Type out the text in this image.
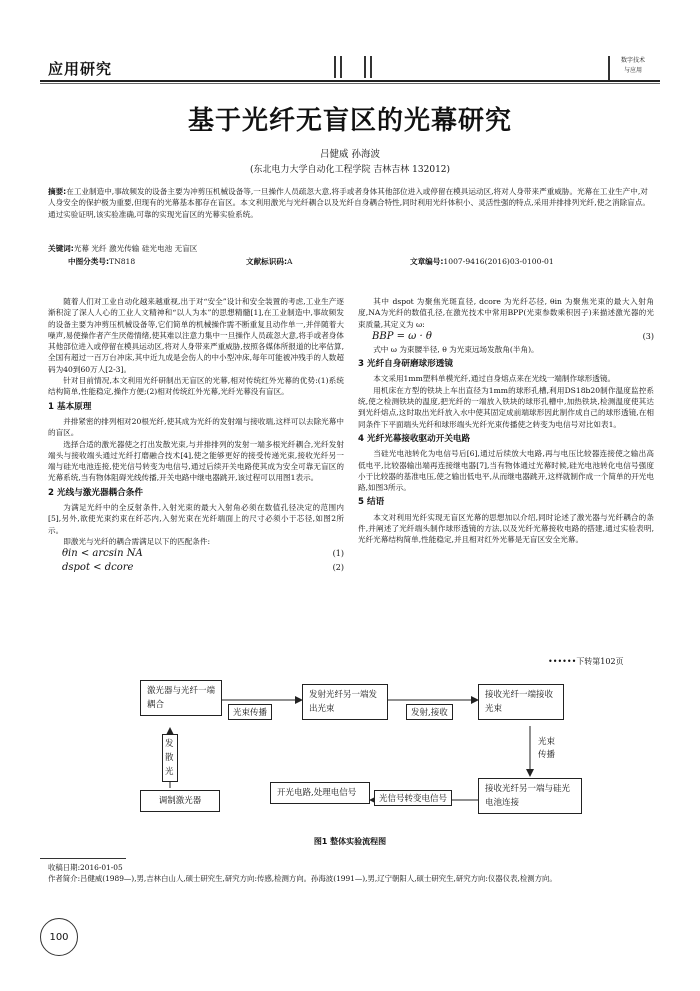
应用研究	数字技术
与应用
基于光纤无盲区的光幕研究
吕健威 孙海波
(东北电力大学自动化工程学院 吉林吉林 132012)
摘要:在工业制造中,事故频发的设备主要为冲剪压机械设备等,一旦操作人员疏忽大意,将手或者身体其他部位进入或停留在模具运动区,将对人身带来严重威胁。光幕在工业生产中,对人身安全的保护极为重要,但现有的光幕基本都存在盲区。本文利用激光与光纤耦合以及光纤自身耦合特性,同时利用光纤体积小、灵活性强的特点,采用并排排列光纤,使之消除盲点。通过实验证明,该实验准确,可靠的实现光盲区的光幕实验系统。
关键词:光幕 光纤 激光传输 硅光电池 无盲区
中图分类号:TN818	文献标识码:A	文章编号:1007-9416(2016)03-0100-01

随着人们对工业自动化越来越重视,出于对“安全”设计和安全装置的考虑,工业生产逐渐积淀了深人人心的工业人文精神和“以人为本”的思想精髓[1],在工业制造中,事故频发的设备主要为冲剪压机械设备等,它们简单的机械操作需不断重复且动作单一,并伴随着大噪声,易使操作者产生厌倦情绪,使其难以注意力集中一旦操作人员疏忽大意,将手或者身体其他部位进入或停留在模具运动区,将对人身带来严重威胁,按照各媒体所报道的比率估算,全国有超过一百万台冲床,其中近九成是会伤人的中小型冲床,每年可能被冲残手的人数超码为40到60万人[2-3]。

针对目前情况,本文利用光纤研制出无盲区的光幕,相对传统红外光幕的优势:(1)系统结构简单,性能稳定,操作方便;(2)相对传统红外光幕,光纤光幕没有盲区。

1 基本原理

并排紧密的排列相对20根光纤,使其成为光纤的发射端与接收端,这样可以去除光幕中的盲区。

选择合适的激光器使之打出发散光束,与并排排列的发射一端多根光纤耦合,光纤发射端头与接收端头通过光纤打磨融合技术[4],使之能够更好的接受传递光束,接收光纤另一端与硅光电池连接,使光信号转变为电信号,通过后续开关电路使其成为安全可靠无盲区的光幕系统,当有物体阻碍光线传播,开关电路中继电器跳开,该过程可以用图1表示。

2 光线与激光器耦合条件

为满足光纤中的全反射条件,入射光束的最大入射角必须在数值孔径决定的范围内[5],另外,欲使光束约束在纤芯内,入射光束在光纤端面上的尺寸必须小于芯径,如图2所示。

即激光与光纤的耦合需满足以下的匹配条件:

θin < arcsin NA	(1)
dspot < dcore	(2)

其中 dspot 为聚焦光斑直径, dcore 为光纤芯径, θin 为聚焦光束的最大入射角度,NA为光纤的数值孔径,在激光技术中常用BPP(光束参数乘积因子)来描述激光器的光束质量,其定义为 ω:

BBP = ω · θ	(3)

式中 ω 为束腰半径, θ 为光束远场发散角(半角)。

3 光纤自身研磨球形透镜

本文采用1mm塑料单模光纤,通过自身熔点来在光线一端制作球形透镜。

用机床在方型的铁块上车出直径为1mm的球形孔槽,利用DS18b20制作温度监控系统,使之检测铁块的温度,把光纤的一端放入铁块的球形孔槽中,加热铁块,检测温度使其达到光纤熔点,这时取出光纤放入水中使其固定成前端球形因此制作成自己的球形透镜,在相同条件下平面端头光纤和球形端头光纤光束传播使之转变为电信号对比如表1。

4 光纤光幕接收驱动开关电路

当硅光电池转化为电信号后[6],通过后续放大电路,再与电压比较器连接使之输出高低电平,比较器输出端再连接继电器[7],当有物体通过光幕时候,硅光电池转化电信号强度小于比较器的基准电压,使之输出低电平,从而继电器跳开,这样就制作成一个简单的开光电路,如图3所示。

5 结语

本文对利用光纤实现无盲区光幕的思想加以介绍,同时论述了激光器与光纤耦合的条件,并阐述了光纤端头制作球形透镜的方法,以及光纤光幕接收电路的搭建,通过实验表明,光纤光幕结构简单,性能稳定,并且相对红外光幕是无盲区安全光幕。

••••••下转第102页
激光器与光纤一端耦合
发射光纤另一端发出光束
接收光纤一端接收光束
接收光纤另一端与硅光电池连接
开光电路,处理电信号
调制激光器
光束传播	发射,接收
发散光
光束传播
光信号转变电信号
图1 整体实验流程图
收稿日期:2016-01-05
作者简介:吕健威(1989—),男,吉林白山人,硕士研究生,研究方向:传感,检测方向。孙海波(1991—),男,辽宁朝阳人,硕士研究生,研究方向:仪器仪表,检测方向。
100
